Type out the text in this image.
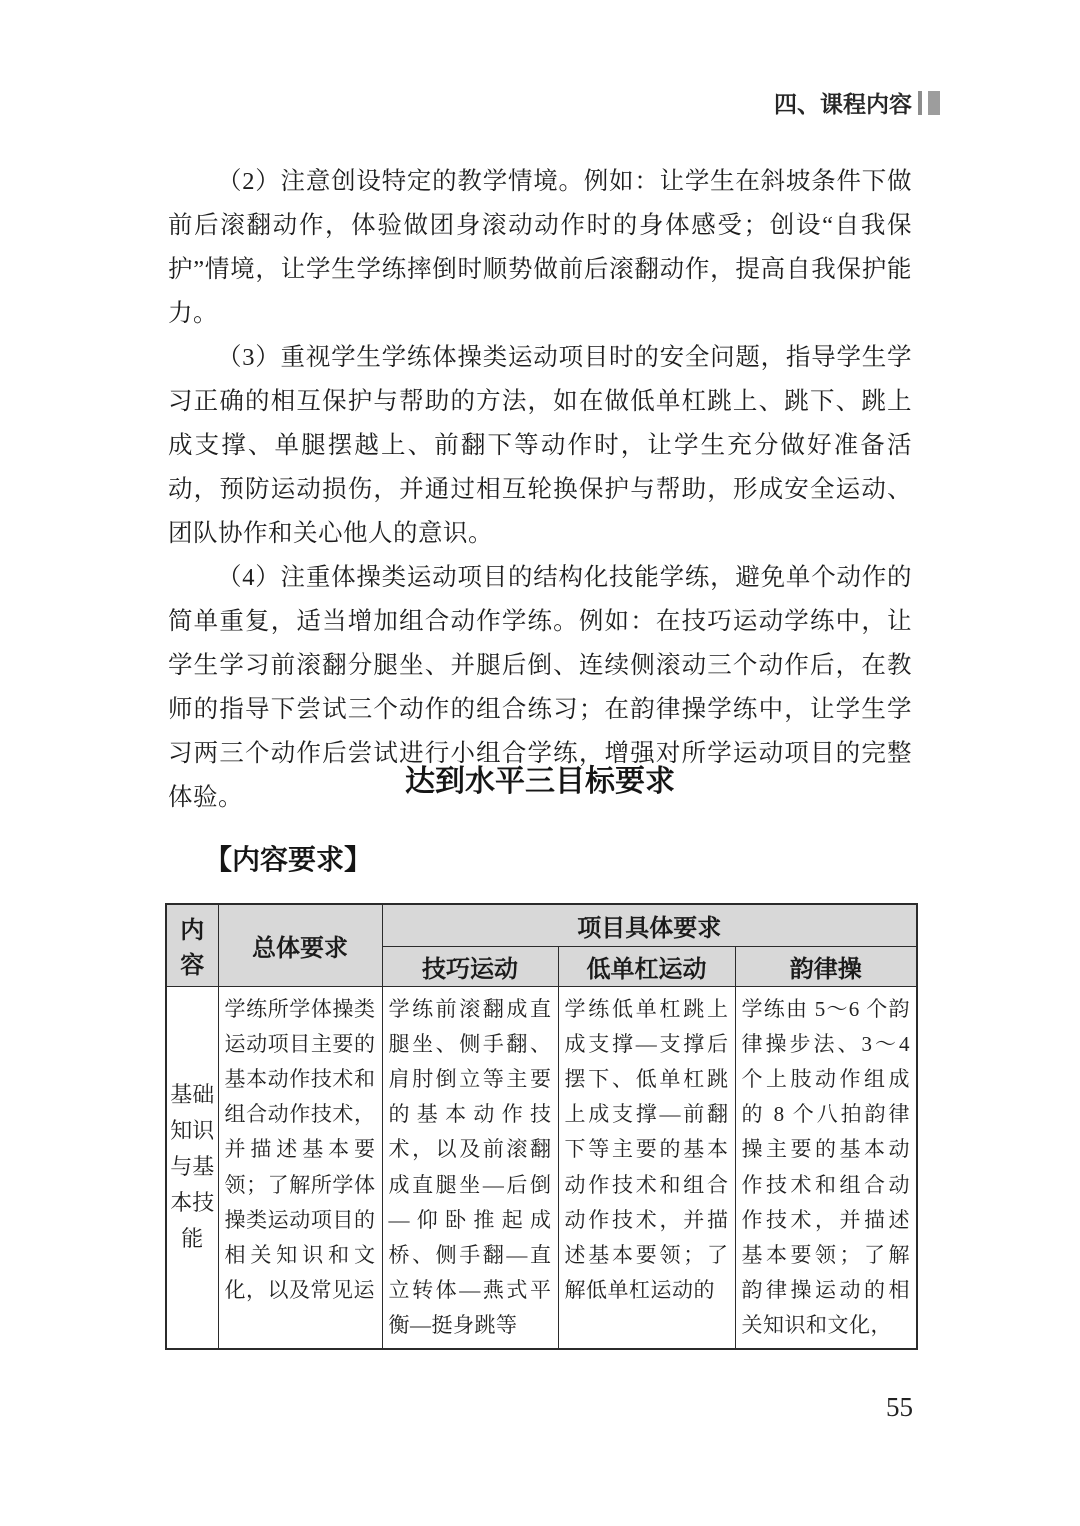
四、课程内容

（2）注意创设特定的教学情境。例如：让学生在斜坡条件下做前后滚翻动作，体验做团身滚动动作时的身体感受；创设“自我保护”情境，让学生学练摔倒时顺势做前后滚翻动作，提高自我保护能力。

（3）重视学生学练体操类运动项目时的安全问题，指导学生学习正确的相互保护与帮助的方法，如在做低单杠跳上、跳下、跳上成支撑、单腿摆越上、前翻下等动作时，让学生充分做好准备活动，预防运动损伤，并通过相互轮换保护与帮助，形成安全运动、团队协作和关心他人的意识。

（4）注重体操类运动项目的结构化技能学练，避免单个动作的简单重复，适当增加组合动作学练。例如：在技巧运动学练中，让学生学习前滚翻分腿坐、并腿后倒、连续侧滚动三个动作后，在教师的指导下尝试三个动作的组合练习；在韵律操学练中，让学生学习两三个动作后尝试进行小组合学练，增强对所学运动项目的完整体验。	达到水平三目标要求
【内容要求】
内容	总体要求	项目具体要求		
		技巧运动	低单杠运动	韵律操
基础知识与基本技能	学练所学体操类运动项目主要的基本动作技术和组合动作技术，并描述基本要领；了解所学体操类运动项目的相关知识和文化，以及常见运	学练前滚翻成直腿坐、侧手翻、肩肘倒立等主要的基本动作技术，以及前滚翻成直腿坐—后倒—仰卧推起成桥、侧手翻—直立转体—燕式平衡—挺身跳等	学练低单杠跳上成支撑—支撑后摆下、低单杠跳上成支撑—前翻下等主要的基本动作技术和组合动作技术，并描述基本要领；了解低单杠运动的	学练由 5～6 个韵律操步法、3～4 个上肢动作组成的 8 个八拍韵律操主要的基本动作技术和组合动作技术，并描述基本要领；了解韵律操运动的相关知识和文化，
55
